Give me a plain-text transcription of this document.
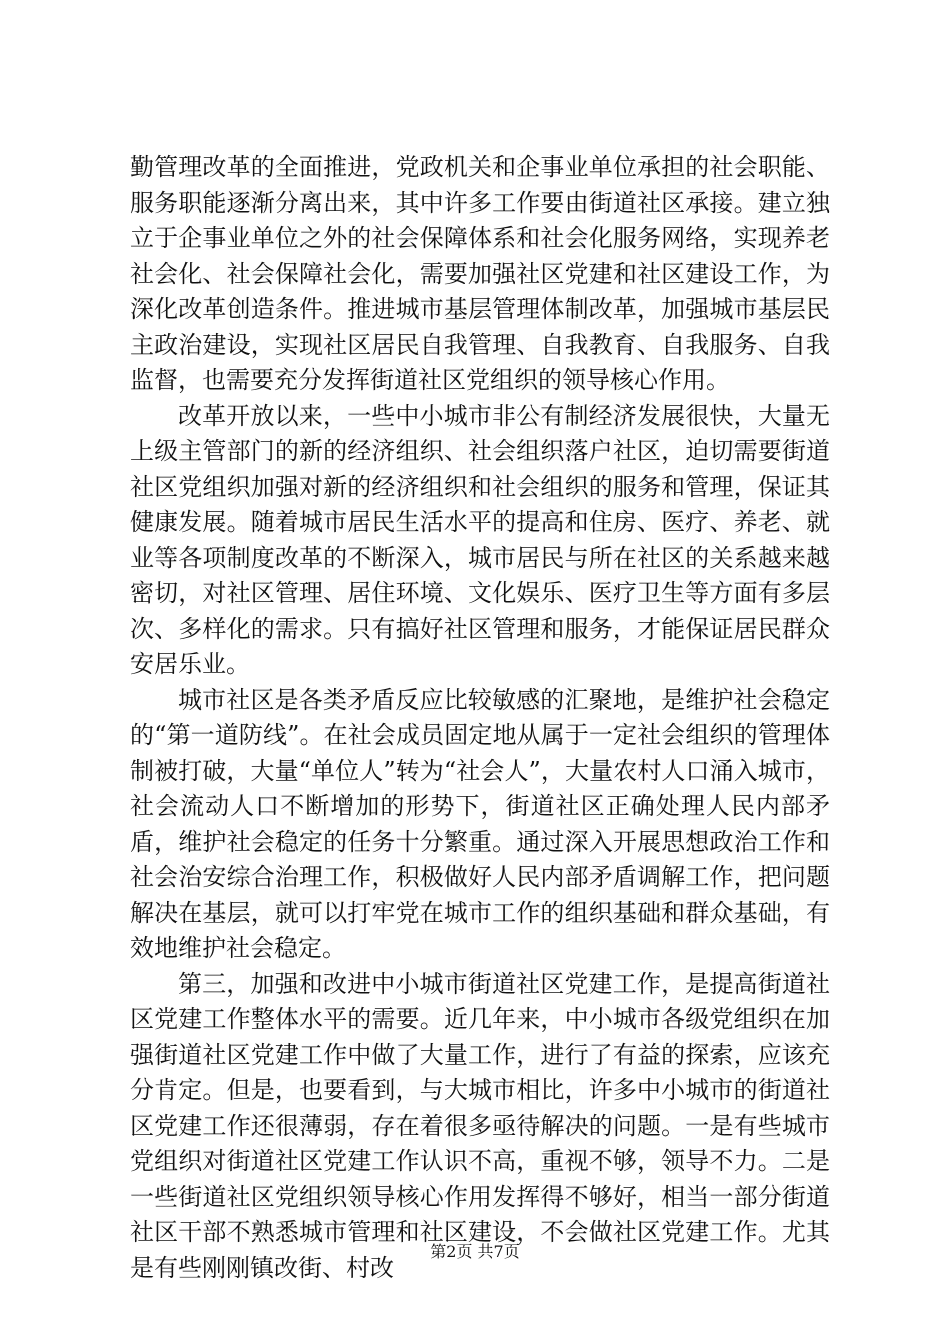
勤管理改革的全面推进，党政机关和企事业单位承担的社会职能、服务职能逐渐分离出来，其中许多工作要由街道社区承接。建立独立于企事业单位之外的社会保障体系和社会化服务网络，实现养老社会化、社会保障社会化，需要加强社区党建和社区建设工作，为深化改革创造条件。推进城市基层管理体制改革，加强城市基层民主政治建设，实现社区居民自我管理、自我教育、自我服务、自我监督，也需要充分发挥街道社区党组织的领导核心作用。

改革开放以来，一些中小城市非公有制经济发展很快，大量无上级主管部门的新的经济组织、社会组织落户社区，迫切需要街道社区党组织加强对新的经济组织和社会组织的服务和管理，保证其健康发展。随着城市居民生活水平的提高和住房、医疗、养老、就业等各项制度改革的不断深入，城市居民与所在社区的关系越来越密切，对社区管理、居住环境、文化娱乐、医疗卫生等方面有多层次、多样化的需求。只有搞好社区管理和服务，才能保证居民群众安居乐业。

城市社区是各类矛盾反应比较敏感的汇聚地，是维护社会稳定的“第一道防线”。在社会成员固定地从属于一定社会组织的管理体制被打破，大量“单位人”转为“社会人”，大量农村人口涌入城市，社会流动人口不断增加的形势下，街道社区正确处理人民内部矛盾，维护社会稳定的任务十分繁重。通过深入开展思想政治工作和社会治安综合治理工作，积极做好人民内部矛盾调解工作，把问题解决在基层，就可以打牢党在城市工作的组织基础和群众基础，有效地维护社会稳定。

第三，加强和改进中小城市街道社区党建工作，是提高街道社区党建工作整体水平的需要。近几年来，中小城市各级党组织在加强街道社区党建工作中做了大量工作，进行了有益的探索，应该充分肯定。但是，也要看到，与大城市相比，许多中小城市的街道社区党建工作还很薄弱，存在着很多亟待解决的问题。一是有些城市党组织对街道社区党建工作认识不高，重视不够，领导不力。二是一些街道社区党组织领导核心作用发挥得不够好，相当一部分街道社区干部不熟悉城市管理和社区建设，不会做社区党建工作。尤其是有些刚刚镇改街、村改

第2页 共7页
